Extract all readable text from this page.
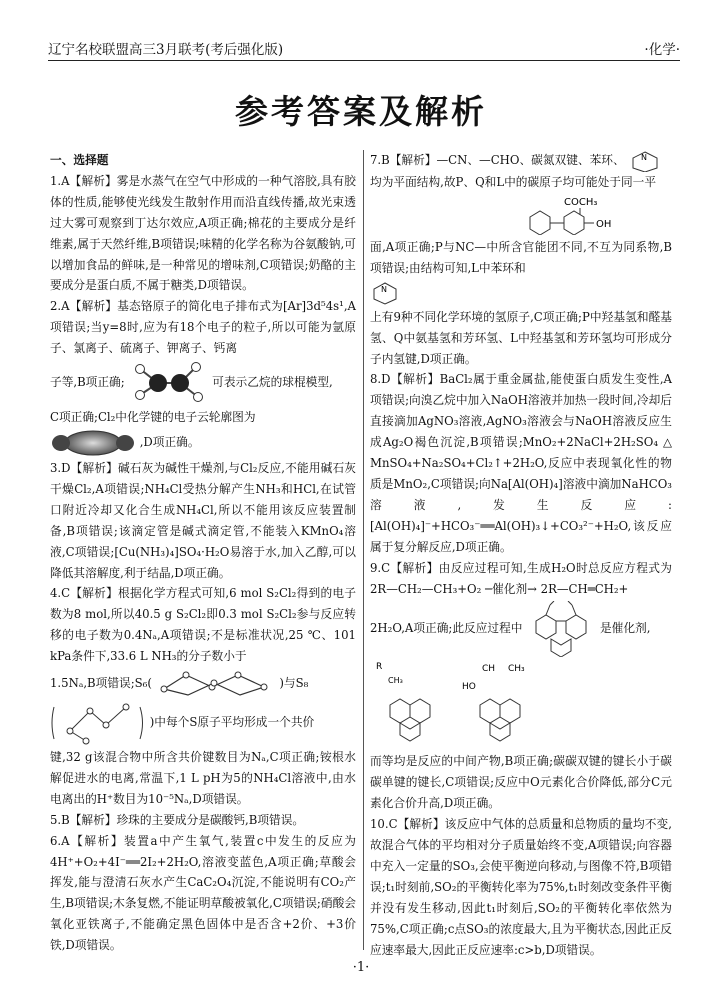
辽宁名校联盟高三3月联考(考后强化版)	·化学·
参考答案及解析

一、选择题

1.A【解析】雾是水蒸气在空气中形成的一种气溶胶,具有胶体的性质,能够使光线发生散射作用而沿直线传播,故光束透过大雾可观察到丁达尔效应,A项正确;棉花的主要成分是纤维素,属于天然纤维,B项错误;味精的化学名称为谷氨酸钠,可以增加食品的鲜味,是一种常见的增味剂,C项错误;奶酪的主要成分是蛋白质,不属于糖类,D项错误。

2.A【解析】基态铬原子的简化电子排布式为[Ar]3d⁵4s¹,A项错误;当y=8时,应为有18个电子的粒子,所以可能为氩原子、氯离子、硫离子、钾离子、钙离

子等,B项正确;	可表示乙烷的球棍模型,

C项正确;Cl₂中化学键的电子云轮廓图为

,D项正确。

3.D【解析】碱石灰为碱性干燥剂,与Cl₂反应,不能用碱石灰干燥Cl₂,A项错误;NH₄Cl受热分解产生NH₃和HCl,在试管口附近冷却又化合生成NH₄Cl,所以不能用该反应装置制备,B项错误;该滴定管是碱式滴定管,不能装入KMnO₄溶液,C项错误;[Cu(NH₃)₄]SO₄·H₂O易溶于水,加入乙醇,可以降低其溶解度,利于结晶,D项正确。

4.C【解析】根据化学方程式可知,6 mol S₂Cl₂得到的电子数为8 mol,所以40.5 g S₂Cl₂即0.3 mol S₂Cl₂参与反应转移的电子数为0.4Nₐ,A项错误;不是标准状况,25 ℃、101 kPa条件下,33.6 L NH₃的分子数小于

1.5Nₐ,B项错误;S₆(	)与S₈
)中每个S原子平均形成一个共价

键,32 g该混合物中所含共价键数目为Nₐ,C项正确;铵根水解促进水的电离,常温下,1 L pH为5的NH₄Cl溶液中,由水电离出的H⁺数目为10⁻⁵Nₐ,D项错误。

5.B【解析】珍珠的主要成分是碳酸钙,B项错误。

6.A【解析】装置a中产生氧气,装置c中发生的反应为4H⁺+O₂+4I⁻══2I₂+2H₂O,溶液变蓝色,A项正确;草酸会挥发,能与澄清石灰水产生CaC₂O₄沉淀,不能说明有CO₂产生,B项错误;木条复燃,不能证明草酸被氧化,C项错误;硝酸会氧化亚铁离子,不能确定黑色固体中是否含+2价、+3价铁,D项错误。

7.B【解析】—CN、—CHO、碳氮双键、苯环、 N

均为平面结构,故P、Q和L中的碳原子均可能处于同一平

COCH₃
OH

面,A项正确;P与NC—中所含官能团不同,不互为同系物,B项错误;由结构可知,L中苯环和

N

上有9种不同化学环境的氢原子,C项正确;P中羟基氢和醛基氢、Q中氨基氢和芳环氢、L中羟基氢和芳环氢均可形成分子内氢键,D项正确。

8.D【解析】BaCl₂属于重金属盐,能使蛋白质发生变性,A项错误;向溴乙烷中加入NaOH溶液并加热一段时间,冷却后直接滴加AgNO₃溶液,AgNO₃溶液会与NaOH溶液反应生成Ag₂O褐色沉淀,B项错误;MnO₂+2NaCl+2H₂SO₄ △ MnSO₄+Na₂SO₄+Cl₂↑+2H₂O,反应中表现氧化性的物质是MnO₂,C项错误;向Na[Al(OH)₄]溶液中滴加NaHCO₃溶液,发生反应:[Al(OH)₄]⁻+HCO₃⁻══Al(OH)₃↓+CO₃²⁻+H₂O,该反应属于复分解反应,D项正确。

9.C【解析】由反应过程可知,生成H₂O时总反应方程式为2R—CH₂—CH₃+O₂ ─催化剂→ 2R—CH═CH₂+

2H₂O,A项正确;此反应过程中	是催化剂,
R
CH₃
CH CH₃
HO

而等均是反应的中间产物,B项正确;碳碳双键的键长小于碳碳单键的键长,C项错误;反应中O元素化合价降低,部分C元素化合价升高,D项正确。

10.C【解析】该反应中气体的总质量和总物质的量均不变,故混合气体的平均相对分子质量始终不变,A项错误;向容器中充入一定量的SO₃,会使平衡逆向移动,与图像不符,B项错误;t₁时刻前,SO₂的平衡转化率为75%,t₁时刻改变条件平衡并没有发生移动,因此t₁时刻后,SO₂的平衡转化率依然为75%,C项正确;c点SO₃的浓度最大,且为平衡状态,因此正反应速率最大,因此正反应速率:c>b,D项错误。

·1·
